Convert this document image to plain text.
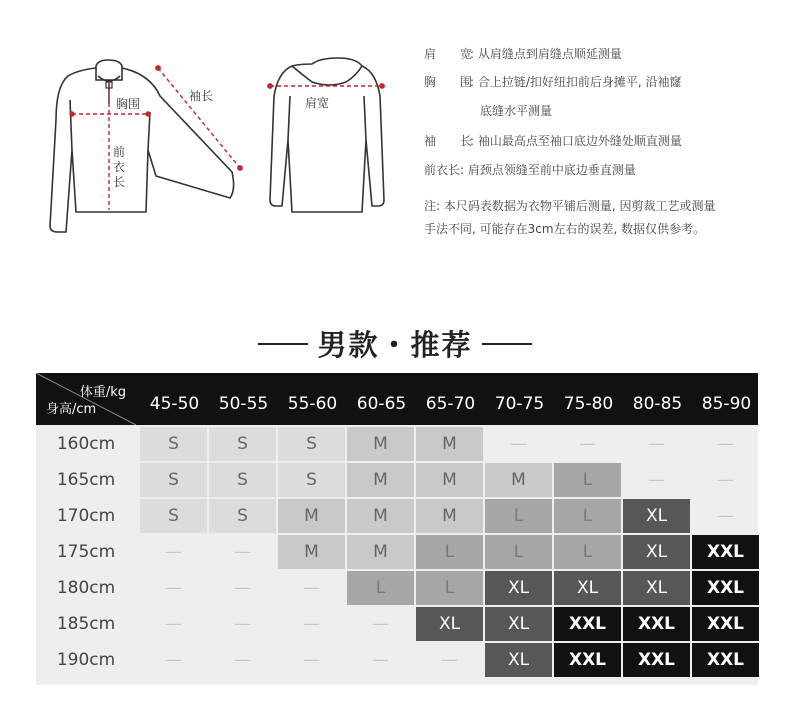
胸围
袖长
前衣长
肩宽
肩　　宽: 从肩缝点到肩缝点顺延测量
胸　　围: 合上拉链/扣好纽扣前后身摊平, 沿袖窿
底缝水平测量
袖　　长: 袖山最高点至袖口底边外缝处顺直测量
前衣长: 肩颈点领缝至前中底边垂直测量
注: 本尺码表数据为衣物平铺后测量, 因剪裁工艺或测量手法不同, 可能存在3cm左右的误差, 数据仅供参考。
男款・推荐
体重/kg
身高/cm	45-50	50-55	55-60	60-65	65-70	70-75	75-80	80-85	85-90
160cm	S	S	S	M	M	—	—	—	—
165cm	S	S	S	M	M	M	L	—	—
170cm	S	S	M	M	M	L	L	XL	—
175cm	—	—	M	M	L	L	L	XL	XXL
180cm	—	—	—	L	L	XL	XL	XL	XXL
185cm	—	—	—	—	XL	XL	XXL	XXL	XXL
190cm	—	—	—	—	—	XL	XXL	XXL	XXL
